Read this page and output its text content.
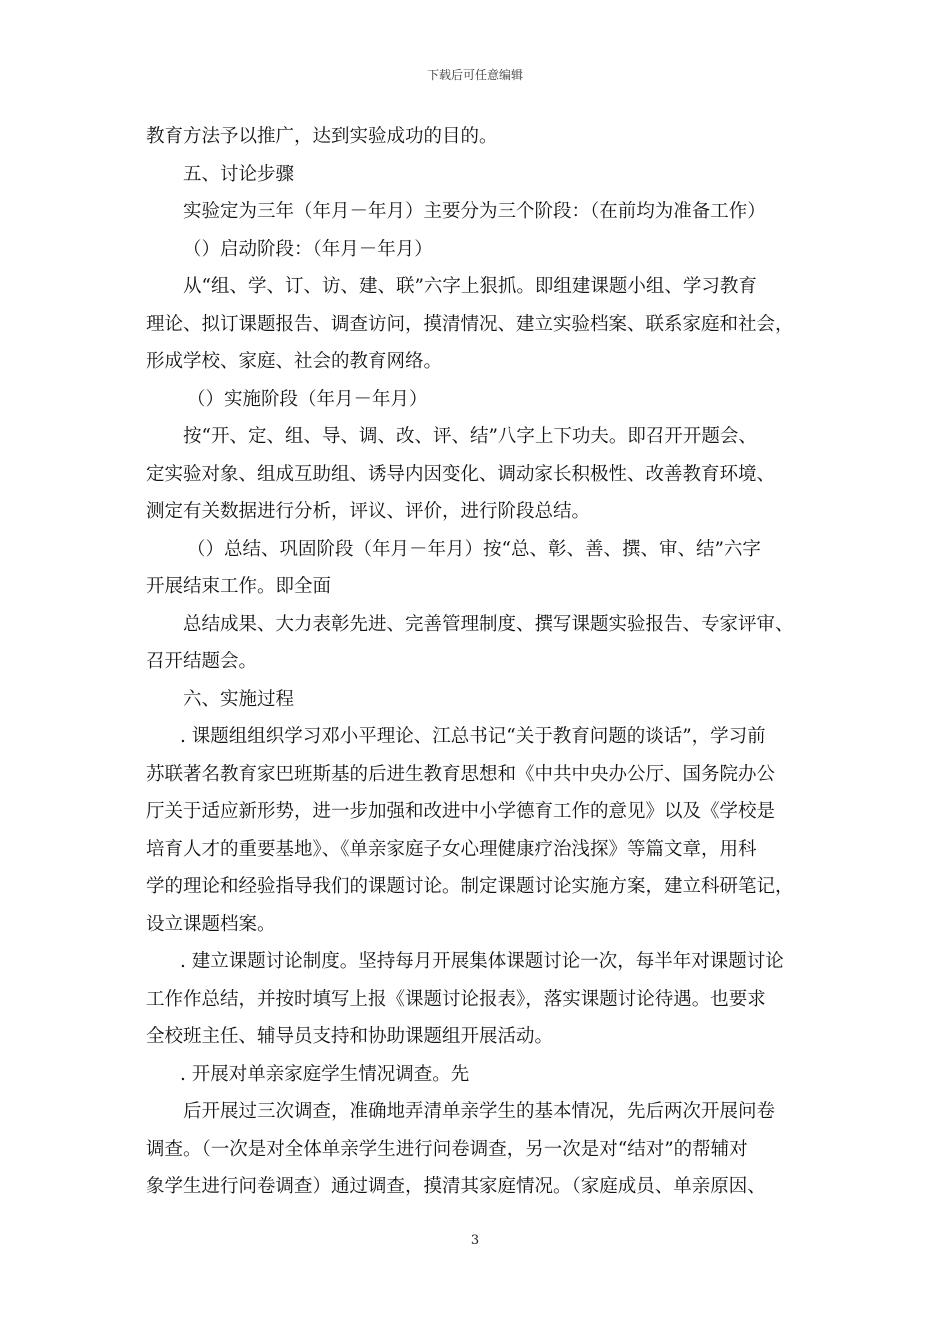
下载后可任意编辑
教育方法予以推广，达到实验成功的目的。
五、讨论步骤
实验定为三年（年月－年月）主要分为三个阶段：（在前均为准备工作）
（）启动阶段：（年月－年月）
从“组、学、订、访、建、联”六字上狠抓。即组建课题小组、学习教育
理论、拟订课题报告、调查访问，摸清情况、建立实验档案、联系家庭和社会，
形成学校、家庭、社会的教育网络。
（）实施阶段（年月－年月）
按“开、定、组、导、调、改、评、结”八字上下功夫。即召开开题会、
定实验对象、组成互助组、诱导内因变化、调动家长积极性、改善教育环境、
测定有关数据进行分析，评议、评价，进行阶段总结。
（）总结、巩固阶段（年月－年月）按“总、彰、善、撰、审、结”六字
开展结束工作。即全面
总结成果、大力表彰先进、完善管理制度、撰写课题实验报告、专家评审、
召开结题会。
六、实施过程
. 课题组组织学习邓小平理论、江总书记“关于教育问题的谈话”，学习前
苏联著名教育家巴班斯基的后进生教育思想和《中共中央办公厅、国务院办公
厅关于适应新形势，进一步加强和改进中小学德育工作的意见》以及《学校是
培育人才的重要基地》、《单亲家庭子女心理健康疗治浅探》等篇文章，用科
学的理论和经验指导我们的课题讨论。制定课题讨论实施方案，建立科研笔记，
设立课题档案。
. 建立课题讨论制度。坚持每月开展集体课题讨论一次，每半年对课题讨论
工作作总结，并按时填写上报《课题讨论报表》，落实课题讨论待遇。也要求
全校班主任、辅导员支持和协助课题组开展活动。
. 开展对单亲家庭学生情况调查。先
后开展过三次调查，准确地弄清单亲学生的基本情况，先后两次开展问卷
调查。（一次是对全体单亲学生进行问卷调查，另一次是对“结对”的帮辅对
象学生进行问卷调查）通过调查，摸清其家庭情况。（家庭成员、单亲原因、
3
